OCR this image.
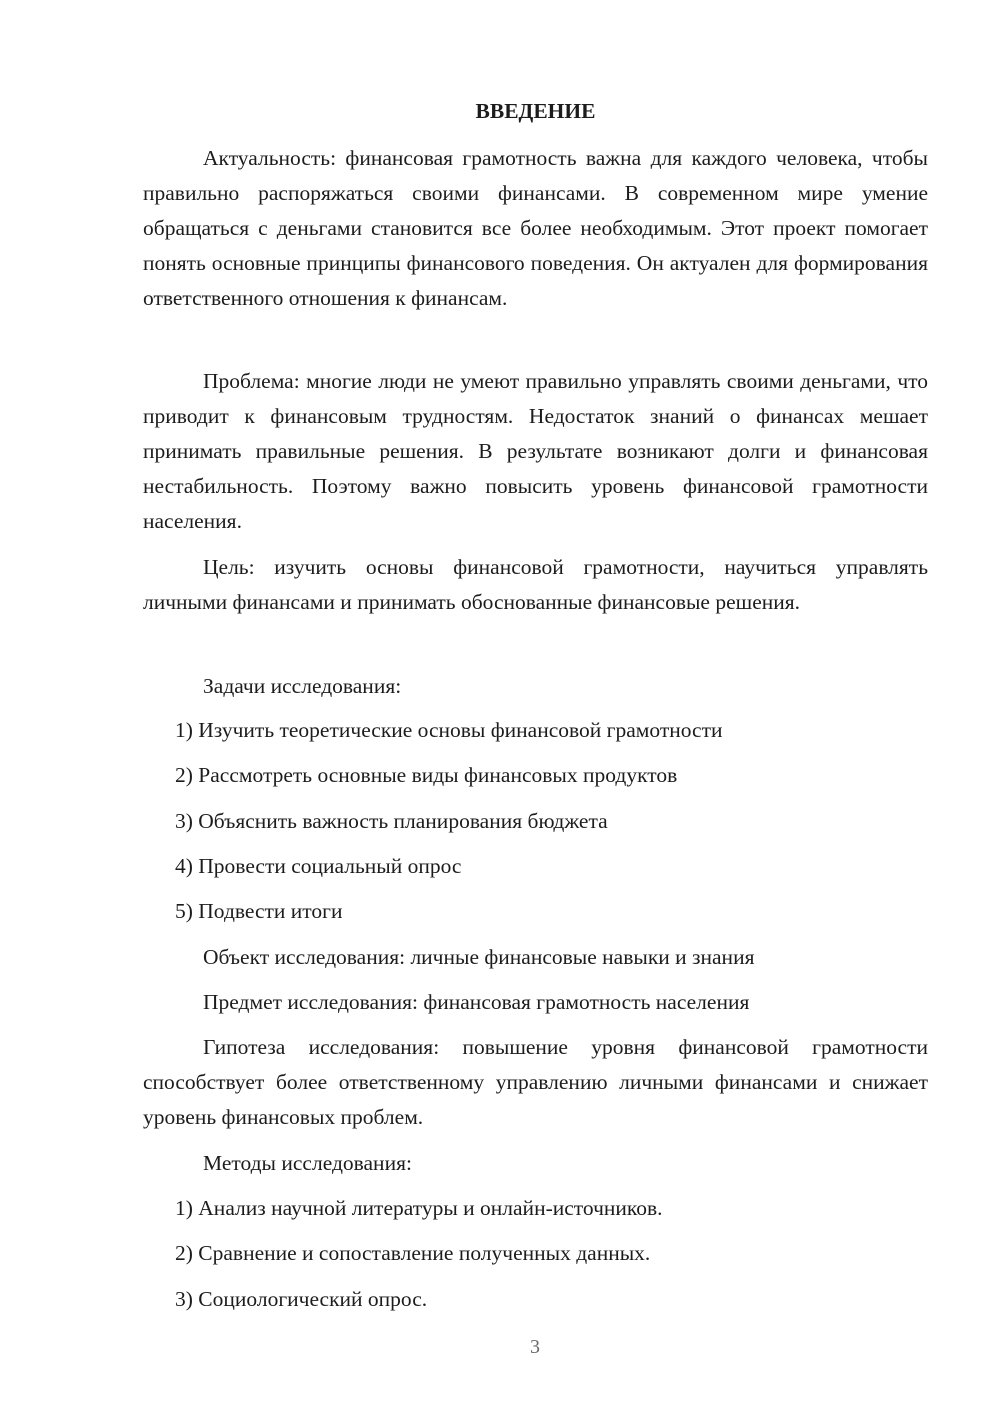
ВВЕДЕНИЕ

Актуальность: финансовая грамотность важна для каждого человека, чтобы правильно распоряжаться своими финансами. В современном мире умение обращаться с деньгами становится все более необходимым. Этот проект помогает понять основные принципы финансового поведения. Он актуален для формирования ответственного отношения к финансам.

Проблема: многие люди не умеют правильно управлять своими деньгами, что приводит к финансовым трудностям. Недостаток знаний о финансах мешает принимать правильные решения. В результате возникают долги и финансовая нестабильность. Поэтому важно повысить уровень финансовой грамотности населения.

Цель: изучить основы финансовой грамотности, научиться управлять личными финансами и принимать обоснованные финансовые решения.

Задачи исследования:

1) Изучить теоретические основы финансовой грамотности

2) Рассмотреть основные виды финансовых продуктов

3) Объяснить важность планирования бюджета

4) Провести социальный опрос

5) Подвести итоги

Объект исследования: личные финансовые навыки и знания

Предмет исследования: финансовая грамотность населения

Гипотеза исследования: повышение уровня финансовой грамотности способствует более ответственному управлению личными финансами и снижает уровень финансовых проблем.

Методы исследования:

1) Анализ научной литературы и онлайн-источников.

2) Сравнение и сопоставление полученных данных.

3) Социологический опрос.

3
